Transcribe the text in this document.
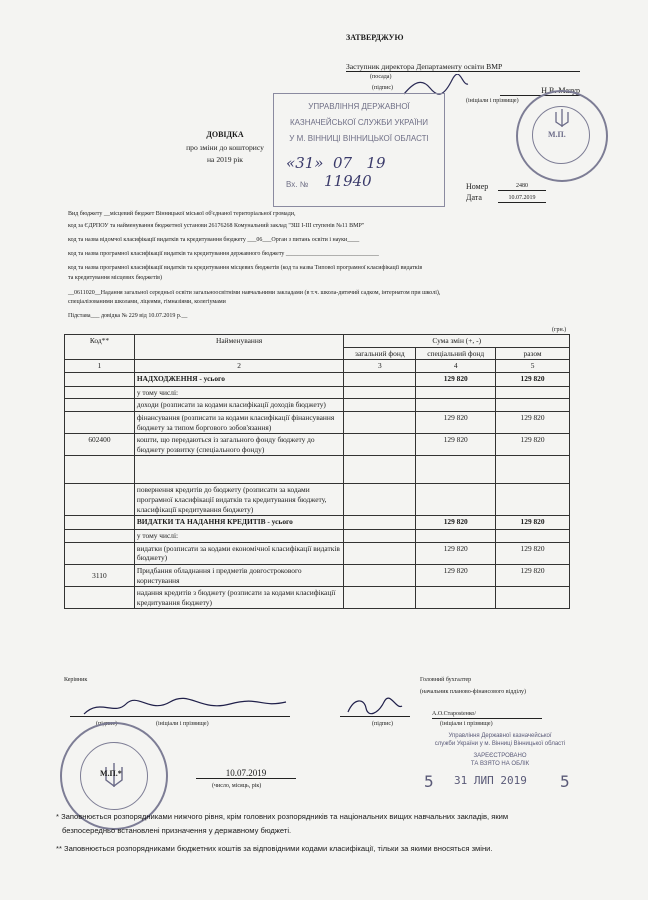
ЗАТВЕРДЖУЮ
Заступник директора Департаменту освіти ВМР
(посада)
(підпис)	Н.В. Мазур
(ініціали і прізвище)
М.П.
УПРАВЛІННЯ ДЕРЖАВНОЇ
КАЗНАЧЕЙСЬКОЇ СЛУЖБИ УКРАЇНИ
У М. ВІННИЦІ ВІННИЦЬКОЇ ОБЛАСТІ
«31» 07 19
Вх. № 11940
ДОВІДКА
про зміни до кошторису
на 2019 рік
Номер	2480
Дата	10.07.2019
Вид бюджету __місцевий бюджет Вінницької міської об'єднаної територіальної громади,
код за ЄДРПОУ та найменування бюджетної установи 26176268 Комунальний заклад "ЗШ І-ІІІ ступенів №11 ВМР"
код та назва відомчої класифікації видатків та кредитування бюджету ___06___Орган з питань освіти і науки____
код та назва програмної класифікації видатків та кредитування державного бюджету _______________________________
код та назва програмної класифікації видатків та кредитування місцевих бюджетів (код та назва Типової програмної класифікації видатків
та кредитування місцевих бюджетів)
__0611020__Надання загальної середньої освіти загальноосвітніми навчальними закладами (в т.ч. школа-дитячий садком, інтернатом при школі),
спеціалізованими школами, ліцеями, гімназіями, колегіумами
Підстава___ довідка № 229 від 10.07.2019 р.__
(грн.)
Код**	Найменування	Сума змін (+, -)		
		загальний фонд	спеціальний фонд	разом

1	2	3	4	5
	НАДХОДЖЕННЯ - усього		129 820	129 820
	у тому числі:			
	доходи (розписати за кодами класифікації доходів бюджету)			
	фінансування (розписати за кодами класифікації фінансування бюджету за типом боргового зобов'язання)		129 820	129 820
602400	кошти, що передаються із загального фонду бюджету до бюджету розвитку (спеціального фонду)		129 820	129 820

	повернення кредитів до бюджету (розписати за кодами програмної класифікації видатків та кредитування бюджету, класифікації кредитування бюджету)			
	ВИДАТКИ ТА НАДАННЯ КРЕДИТІВ - усього		129 820	129 820
	у тому числі:			
	видатки (розписати за кодами економічної класифікації видатків бюджету)		129 820	129 820
3110	Придбання обладнання і предметів довгострокового користування		129 820	129 820
	надання кредитів з бюджету (розписати за кодами класифікації кредитування бюджету)			
Керівник	Головний бухгалтер
(начальник планово-фінансового відділу)
(підпис)	(ініціали і прізвище)	(підпис)
А.О.Староstенко/
(ініціали і прізвище)
М.П.*	10.07.2019
(число, місяць, рік)
Управління Державної казначейської
служби України у м. Вінниці Вінницької області
ЗАРЕЄСТРОВАНО
ТА ВЗЯТО НА ОБЛІК
5 31 ЛИП 2019 5
* Заповнюється розпорядниками нижчого рівня, крім головних розпорядників та національних вищих навчальних закладів, яким
безпосередньо встановлені призначення у державному бюджеті.
** Заповнюється розпорядниками бюджетних коштів за відповідними кодами класифікації, тільки за якими вносяться зміни.
